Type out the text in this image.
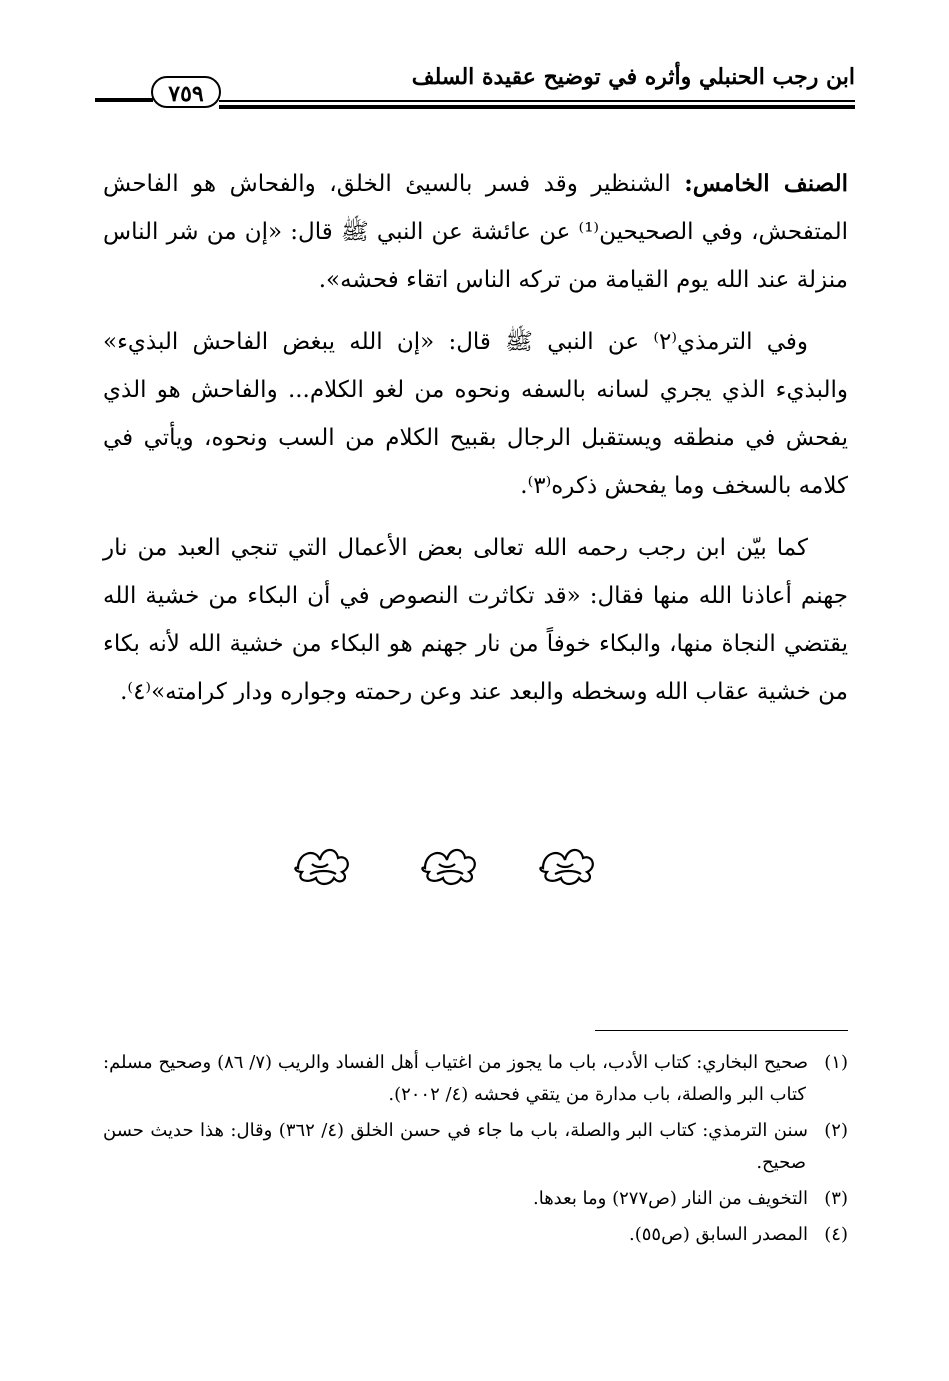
ابن رجب الحنبلي وأثره في توضيح عقيدة السلف
٧٥٩

الصنف الخامس: الشنظير وقد فسر بالسيئ الخلق، والفحاش هو الفاحش المتفحش، وفي الصحيحين⁽¹⁾ عن عائشة عن النبي ﷺ قال: «إن من شر الناس منزلة عند الله يوم القيامة من تركه الناس اتقاء فحشه».

وفي الترمذي⁽٢⁾ عن النبي ﷺ قال: «إن الله يبغض الفاحش البذيء» والبذيء الذي يجري لسانه بالسفه ونحوه من لغو الكلام... والفاحش هو الذي يفحش في منطقه ويستقبل الرجال بقبيح الكلام من السب ونحوه، ويأتي في كلامه بالسخف وما يفحش ذكره⁽٣⁾.

كما بيّن ابن رجب رحمه الله تعالى بعض الأعمال التي تنجي العبد من نار جهنم أعاذنا الله منها فقال: «قد تكاثرت النصوص في أن البكاء من خشية الله يقتضي النجاة منها، والبكاء خوفاً من نار جهنم هو البكاء من خشية الله لأنه بكاء من خشية عقاب الله وسخطه والبعد عند وعن رحمته وجواره ودار كرامته»⁽٤⁾.

(١)صحيح البخاري: كتاب الأدب، باب ما يجوز من اغتياب أهل الفساد والريب (٧/ ٨٦) وصحيح مسلم: كتاب البر والصلة، باب مدارة من يتقي فحشه (٤/ ٢٠٠٢).

(٢)سنن الترمذي: كتاب البر والصلة، باب ما جاء في حسن الخلق (٤/ ٣٦٢) وقال: هذا حديث حسن صحيح.

(٣)التخويف من النار (ص٢٧٧) وما بعدها.

(٤)المصدر السابق (ص٥٥).
